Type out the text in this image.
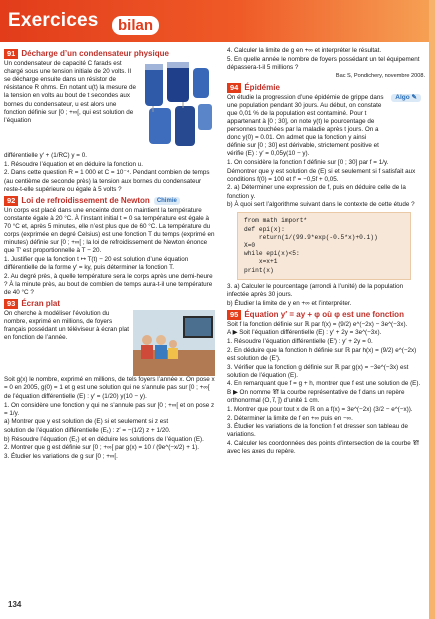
Exercices	bilan
91 Décharge d’un condensateur physique

Un condensateur de capacité C farads est chargé sous une tension initiale de 20 volts. Il se décharge ensuite dans un résistor de résistance R ohms. En notant u(t) la mesure de la tension en volts au bout de t secondes aux bornes du condensateur, u est alors une fonction définie sur [0 ; +∞[, qui est solution de l’équation

différentielle y′ + (1/RC) y = 0.

1. Résoudre l’équation et en déduire la fonction u.

2. Dans cette question R = 1 000 et C = 10⁻⁴. Pendant combien de temps (au centième de seconde près) la tension aux bornes du condensateur reste-t-elle supérieure ou égale à 5 volts ?

92 Loi de refroidissement de Newton	Chimie

Un corps est placé dans une enceinte dont on maintient la température constante égale à 20 °C. À l’instant initial t = 0 sa température est égale à 70 °C et, après 5 minutes, elle n’est plus que de 60 °C. La température du corps (exprimée en degré Celsius) est une fonction T du temps (exprimé en minutes) définie sur [0 ; +∞[ ; la loi de refroidissement de Newton énonce que T′ est proportionnelle à T − 20.

1. Justifier que la fonction t ↦ T(t) − 20 est solution d’une équation différentielle de la forme y′ = ky, puis déterminer la fonction T.

2. Au degré près, à quelle température sera le corps après une demi-heure ? À la minute près, au bout de combien de temps aura-t-il une température de 40 °C ?

93 Écran plat

On cherche à modéliser l’évolution du nombre, exprimé en millions, de foyers français possédant un téléviseur à écran plat en fonction de l’année.

Soit g(x) le nombre, exprimé en millions, de tels foyers l’année x. On pose x = 0 en 2005, g(0) = 1 et g est une solution qui ne s’annule pas sur [0 ; +∞[

de l’équation différentielle (E) : y′ = (1/20) y(10 − y).

1. On considère une fonction y qui ne s’annule pas sur [0 ; +∞[ et on pose z = 1/y.

a) Montrer que y est solution de (E) si et seulement si z est

solution de l’équation différentielle (E₁) : z′ = −(1/2) z + 1/20.

b) Résoudre l’équation (E₁) et en déduire les solutions de l’équation (E).

2. Montrer que g est définie sur [0 ; +∞[ par g(x) = 10 / (9e^(−x/2) + 1).

3. Étudier les variations de g sur [0 ; +∞[.

4. Calculer la limite de g en +∞ et interpréter le résultat.

5. En quelle année le nombre de foyers possédant un tel équipement dépassera-t-il 5 millions ?

Bac S, Pondichery, novembre 2008.

94 Épidémie
Algo ✎

On étudie la progression d’une épidémie de grippe dans une population pendant 30 jours. Au début, on constate que 0,01 % de la population est contaminé. Pour t appartenant à [0 ; 30], on note y(t) le pourcentage de personnes touchées par la maladie après t jours. On a donc y(0) = 0.01. On admet que la fonction y ainsi définie sur [0 ; 30] est dérivable, strictement positive et vérifie (E) : y′ = 0,05y(10 − y).

1. On considère la fonction f définie sur [0 ; 30] par f = 1/y.

Démontrer que y est solution de (E) si et seulement si f satisfait aux conditions f(0) = 100 et f′ = −0,5f + 0,05.

2. a) Déterminer une expression de f, puis en déduire celle de la fonction y.

b) À quoi sert l’algorithme suivant dans le contexte de cette étude ?

from math import*
def epi(x):
return(1/(99.9*exp(-0.5*x)+0.1))
X=0
while epi(x)<5:
x=x+1
print(x)

3. a) Calculer le pourcentage (arrondi à l’unité) de la population infectée après 30 jours.

b) Étudier la limite de y en +∞ et l’interpréter.

95 Équation y′ = ay + φ où φ est une fonction

Soit f la fonction définie sur ℝ par f(x) = (9/2) e^(−2x) − 3e^(−3x).

A ▶ Soit l’équation différentielle (E) : y′ + 2y = 3e^(−3x).

1. Résoudre l’équation différentielle (E′) : y′ + 2y = 0.

2. En déduire que la fonction h définie sur ℝ par h(x) = (9/2) e^(−2x) est solution de (E′).

3. Vérifier que la fonction g définie sur ℝ par g(x) = −3e^(−3x) est solution de l’équation (E).

4. En remarquant que f = g + h, montrer que f est une solution de (E).

B ▶ On nomme 𝒞f la courbe représentative de f dans un repère orthonormal (O, i⃗, j⃗) d’unité 1 cm.

1. Montrer que pour tout x de ℝ on a f(x) = 3e^(−2x) (3/2 − e^(−x)).

2. Déterminer la limite de f en +∞ puis en −∞.

3. Étudier les variations de la fonction f et dresser son tableau de variations.

4. Calculer les coordonnées des points d’intersection de la courbe 𝒞f avec les axes du repère.

134
